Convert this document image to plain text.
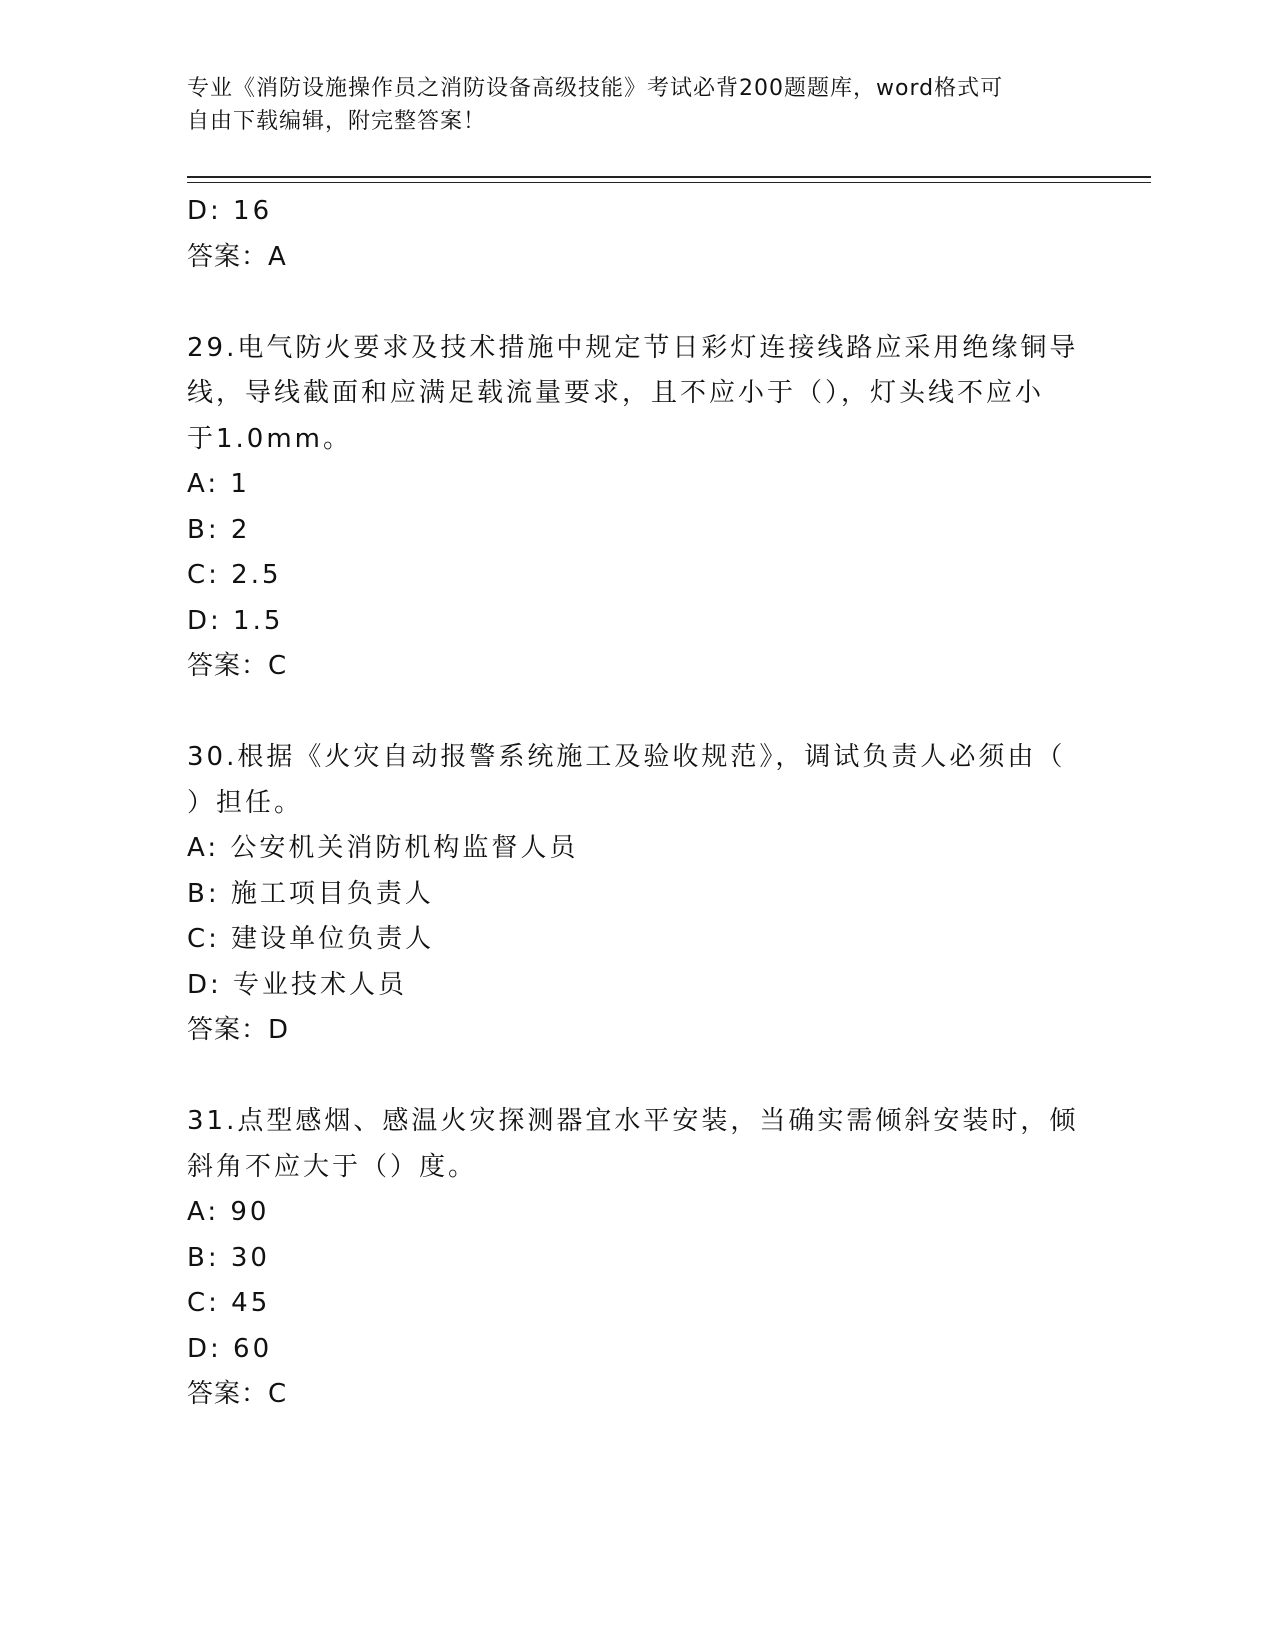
专业《消防设施操作员之消防设备高级技能》考试必背200题题库，word格式可
自由下载编辑，附完整答案！
D: 16
答案：A
29.电气防火要求及技术措施中规定节日彩灯连接线路应采用绝缘铜导
线，导线截面和应满足载流量要求，且不应小于（），灯头线不应小
于1.0mm。
A: 1
B: 2
C: 2.5
D: 1.5
答案：C
30.根据《火灾自动报警系统施工及验收规范》，调试负责人必须由（
）担任。
A: 公安机关消防机构监督人员
B: 施工项目负责人
C: 建设单位负责人
D: 专业技术人员
答案：D
31.点型感烟、感温火灾探测器宜水平安装，当确实需倾斜安装时，倾
斜角不应大于（）度。
A: 90
B: 30
C: 45
D: 60
答案：C
